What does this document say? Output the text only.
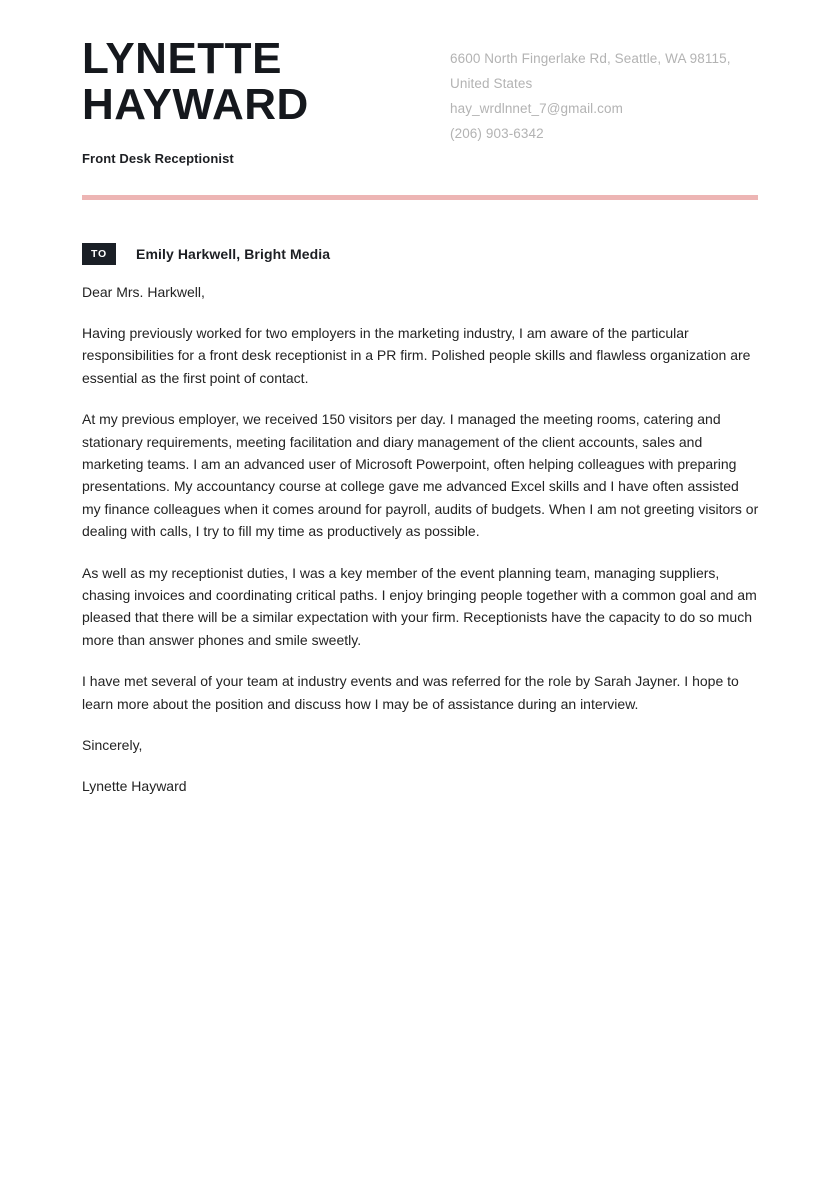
LYNETTE
HAYWARD
Front Desk Receptionist
6600 North Fingerlake Rd, Seattle, WA 98115,
United States
hay_wrdlnnet_7@gmail.com
(206) 903-6342
TO	Emily Harkwell, Bright Media

Dear Mrs. Harkwell,

Having previously worked for two employers in the marketing industry, I am aware of the particular responsibilities for a front desk receptionist in a PR firm. Polished people skills and flawless organization are essential as the first point of contact.

At my previous employer, we received 150 visitors per day. I managed the meeting rooms, catering and stationary requirements, meeting facilitation and diary management of the client accounts, sales and marketing teams. I am an advanced user of Microsoft Powerpoint, often helping colleagues with preparing presentations. My accountancy course at college gave me advanced Excel skills and I have often assisted my finance colleagues when it comes around for payroll, audits of budgets. When I am not greeting visitors or dealing with calls, I try to fill my time as productively as possible.

As well as my receptionist duties, I was a key member of the event planning team, managing suppliers, chasing invoices and coordinating critical paths. I enjoy bringing people together with a common goal and am pleased that there will be a similar expectation with your firm. Receptionists have the capacity to do so much more than answer phones and smile sweetly.

I have met several of your team at industry events and was referred for the role by Sarah Jayner. I hope to learn more about the position and discuss how I may be of assistance during an interview.

Sincerely,

Lynette Hayward
